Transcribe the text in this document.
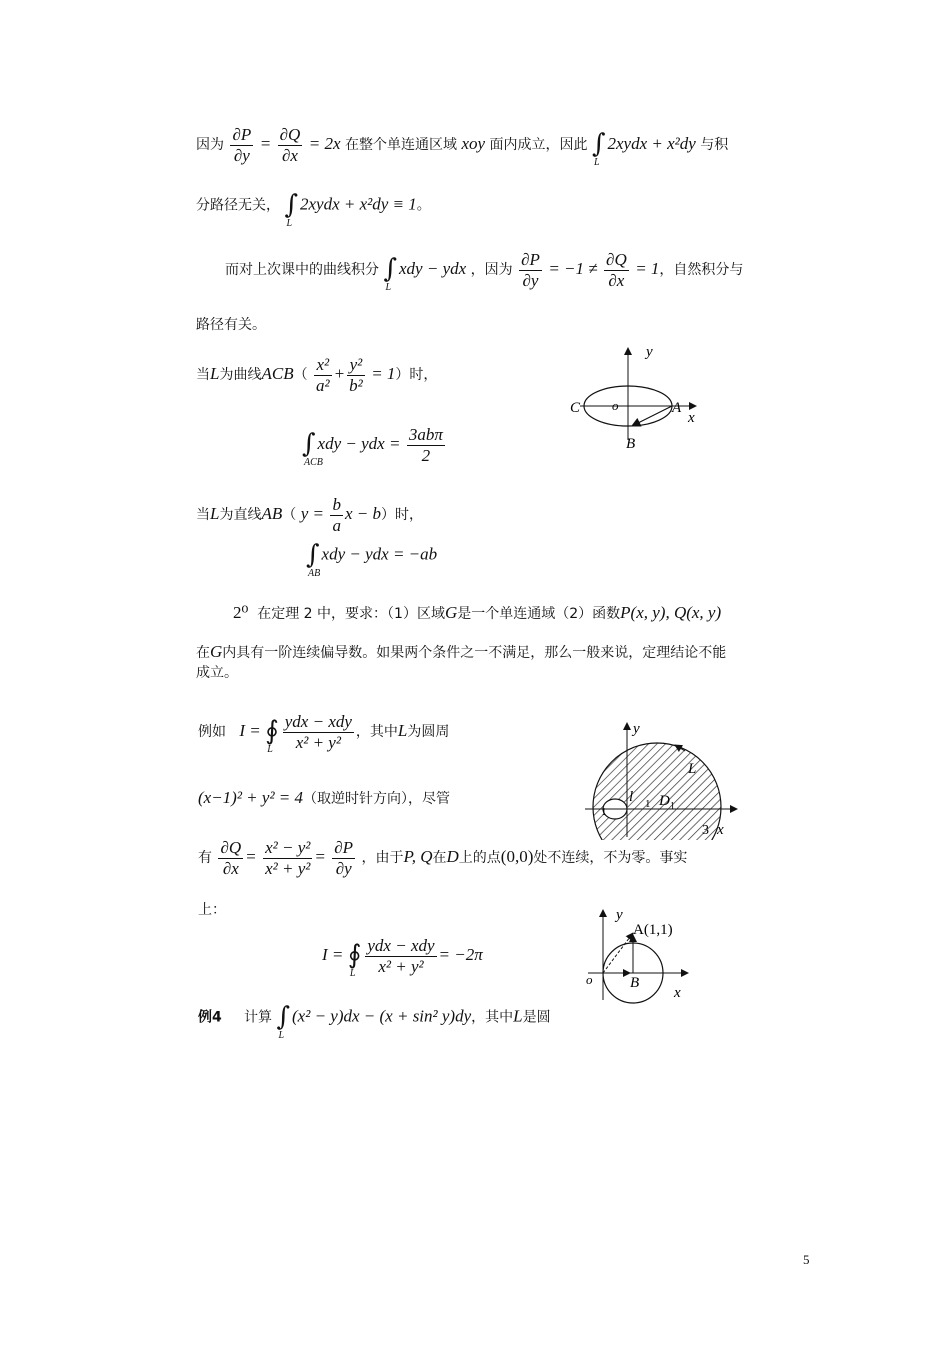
因为 $\frac{\partial P}{\partial y} = \frac{\partial Q}{\partial x} = 2x$ 在整个单连通区域 xoy 面内成立，因此 ∫
L
2xydx + x²dy 与积
分路径无关， ∫
L
2xydx + x²dy ≡ 1。
而对上次课中的曲线积分 ∫
L
xdy − ydx ，因为 $\frac{\partial P}{\partial y} = -1 \ne \frac{\partial Q}{\partial x} = 1$，自然积分与
路径有关。
当L为曲线$ACB( \frac{\text{x²}}{\text{a²}} + \frac{\text{y²}}{\text{b²}} = 1)$时，
∫
ACB
xdy − ydx = $\frac{\text{3abπ}}{2}$
y
x
o	A
B
C
当L为直线AB（ $y = \frac{b}{a}$ x − b）时，
∫
AB
xdy − ydx = −ab
2⁰ 在定理 2 中，要求：（1）区域G是一个单连通域（2）函数P(x, y), Q(x, y)
在G内具有一阶连续偏导数。如果两个条件之一不满足，那么一般来说，定理结论不能
成立。
例如 I = ∮
L $\frac{\text{ydx − xdy}}{\text{x² + y²}}$ ，其中L为圆周
(x−1)² + y² = 4（取逆时针方向），尽管
有 $\frac{\partial Q}{\partial x} = \frac{\text{x² − y²}}{\text{x² + y²}} = \frac{\partial P}{\partial y}$ ，由于P, Q在D上的点(0,0)处不连续，不为零。事实
上：
I = ∮
L $\frac{\text{ydx − xdy}}{\text{x² + y²}} = -2\pi$
y
x
L
D 1
l 1
1
3
y
x
o
A(1,1)
B
例4 计算 ∫
L
(x² − y)dx − (x + sin² y)dy，其中L是圆
5
